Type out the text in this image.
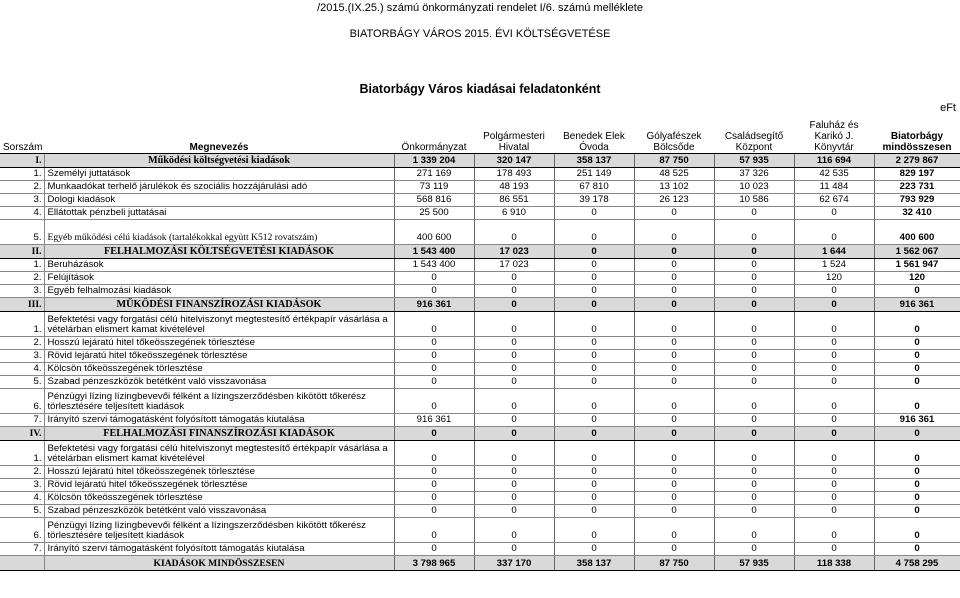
/2015.(IX.25.) számú önkormányzati rendelet I/6. számú melléklete
BIATORBÁGY VÁROS 2015. ÉVI KÖLTSÉGVETÉSE
Biatorbágy Város kiadásai feladatonként
eFt
Sorszám	Megnevezés	Önkormányzat	Polgármesteri Hivatal	Benedek Elek Óvoda	Gólyafészek Bölcsőde	Családsegítő Központ	Faluház és Karikó J. Könyvtár	Biatorbágy mindösszesen
I.	Működési költségvetési kiadások	1 339 204	320 147	358 137	87 750	57 935	116 694	2 279 867
1.	Személyi juttatások	271 169	178 493	251 149	48 525	37 326	42 535	829 197
2.	Munkaadókat terhelő járulékok és szociális hozzájárulási adó	73 119	48 193	67 810	13 102	10 023	11 484	223 731
3.	Dologi kiadások	568 816	86 551	39 178	26 123	10 586	62 674	793 929
4.	Ellátottak pénzbeli juttatásai	25 500	6 910	0	0	0	0	32 410
5.	Egyéb működési célú kiadások (tartalékokkal együtt K512 rovatszám)	400 600	0	0	0	0	0	400 600
II.	FELHALMOZÁSI KÖLTSÉGVETÉSI KIADÁSOK	1 543 400	17 023	0	0	0	1 644	1 562 067
1.	Beruházások	1 543 400	17 023	0	0	0	1 524	1 561 947
2.	Felújítások	0	0	0	0	0	120	120
3.	Egyéb felhalmozási kiadások	0	0	0	0	0	0	0
III.	MŰKÖDÉSI FINANSZÍROZÁSI KIADÁSOK	916 361	0	0	0	0	0	916 361
1.	Befektetési vagy forgatási célú hitelviszonyt megtestesítő értékpapír vásárlása a vételárban elismert kamat kivételével	0	0	0	0	0	0	0
2.	Hosszú lejáratú hitel tőkeösszegének törlesztése	0	0	0	0	0	0	0
3.	Rövid lejáratú hitel tőkeösszegének törlesztése	0	0	0	0	0	0	0
4.	Kölcsön tőkeösszegének törlesztése	0	0	0	0	0	0	0
5.	Szabad pénzeszközök betétként való visszavonása	0	0	0	0	0	0	0
6.	Pénzügyi lízing lízingbevevői félként a lízingszerződésben kikötött tőkerész törlesztésére teljesített kiadások	0	0	0	0	0	0	0
7.	Irányító szervi támogatásként folyósított támogatás kiutalása	916 361	0	0	0	0	0	916 361
IV.	FELHALMOZÁSI FINANSZÍROZÁSI KIADÁSOK	0	0	0	0	0	0	0
1.	Befektetési vagy forgatási célú hitelviszonyt megtestesítő értékpapír vásárlása a vételárban elismert kamat kivételével	0	0	0	0	0	0	0
2.	Hosszú lejáratú hitel tőkeösszegének törlesztése	0	0	0	0	0	0	0
3.	Rövid lejáratú hitel tőkeösszegének törlesztése	0	0	0	0	0	0	0
4.	Kölcsön tőkeösszegének törlesztése	0	0	0	0	0	0	0
5.	Szabad pénzeszközök betétként való visszavonása	0	0	0	0	0	0	0
6.	Pénzügyi lízing lízingbevevői félként a lízingszerződésben kikötött tőkerész törlesztésére teljesített kiadások	0	0	0	0	0	0	0
7.	Irányító szervi támogatásként folyósított támogatás kiutalása	0	0	0	0	0	0	0
	KIADÁSOK MINDÖSSZESEN	3 798 965	337 170	358 137	87 750	57 935	118 338	4 758 295
